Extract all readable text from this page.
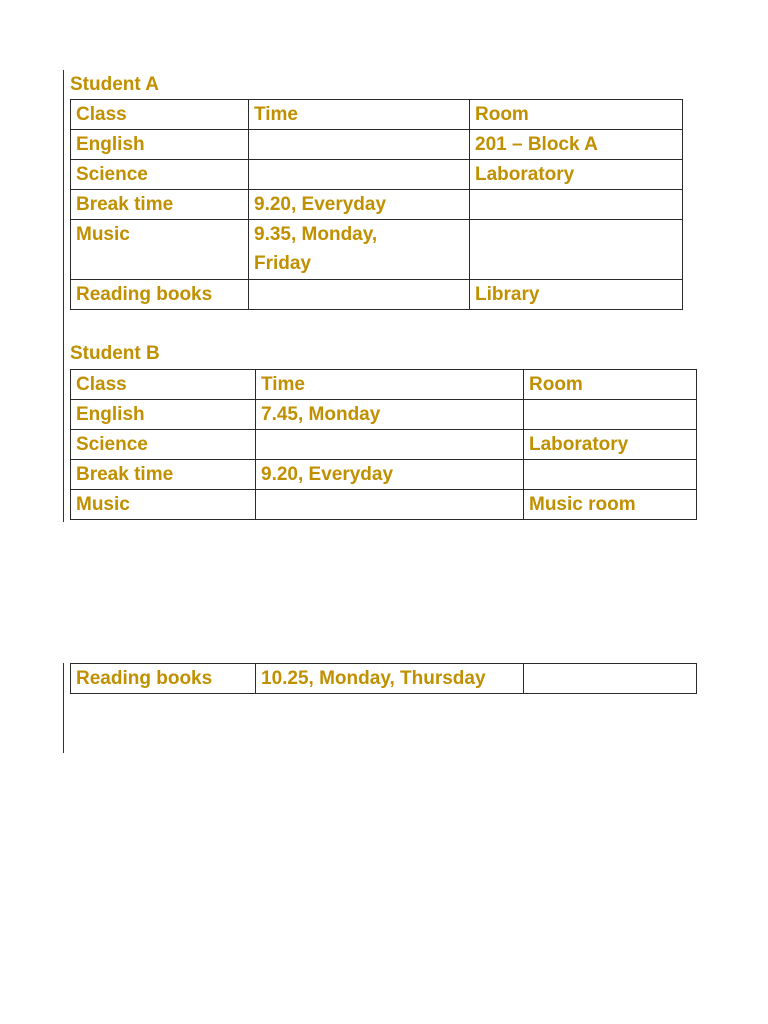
Student A
Class	Time	Room
English		201 – Block A
Science		Laboratory
Break time	9.20, Everyday	
Music	9.35, Monday, Friday	
Reading books		Library
Student B
Class	Time	Room
English	7.45, Monday	
Science		Laboratory
Break time	9.20, Everyday	
Music		Music room
Reading books	10.25, Monday, Thursday	
